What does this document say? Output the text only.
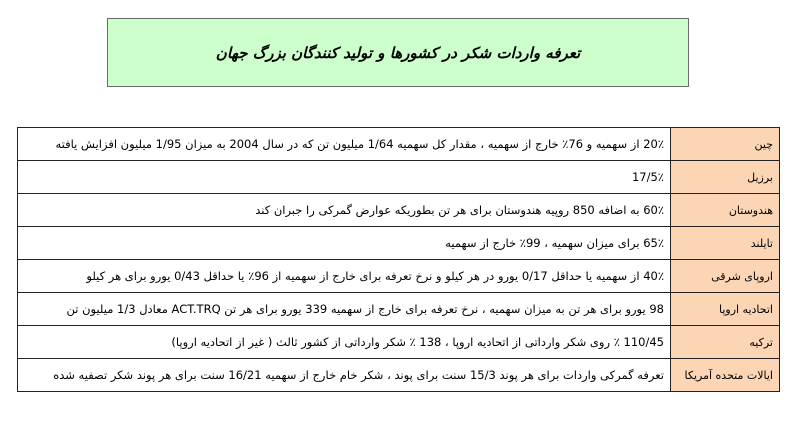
تعرفه واردات شکر در کشورها و تولید کنندگان بزرگ جهان
چین	20٪ از سهمیه و 76٪ خارج از سهمیه ، مقدار کل سهمیه 1/64 میلیون تن که در سال 2004 به میزان 1/95 میلیون افزایش یافته
برزیل	17/5٪
هندوستان	60٪ به اضافه 850 روپیه هندوستان برای هر تن بطوریکه عوارض گمرکی را جبران کند
تایلند	65٪ برای میزان سهمیه ، 99٪ خارج از سهمیه
اروپای شرقی	40٪ از سهمیه یا حداقل 0/17 یورو در هر کیلو و نرخ تعرفه برای خارج از سهمیه از 96٪ یا حداقل 0/43 یورو برای هر کیلو
اتحادیه اروپا	98 یورو برای هر تن به میزان سهمیه ، نرخ تعرفه برای خارج از سهمیه 339 یورو برای هر تن ACT.TRQ معادل 1/3 میلیون تن
ترکیه	110/45 ٪ روی شکر وارداتی از اتحادیه اروپا ، 138 ٪ شکر وارداتی از کشور ثالث ( غیر از اتحادیه اروپا)
ایالات متحده آمریکا	تعرفه گمرکی واردات برای هر پوند 15/3 سنت برای پوند ، شکر خام خارج از سهمیه 16/21 سنت برای هر پوند شکر تصفیه شده
